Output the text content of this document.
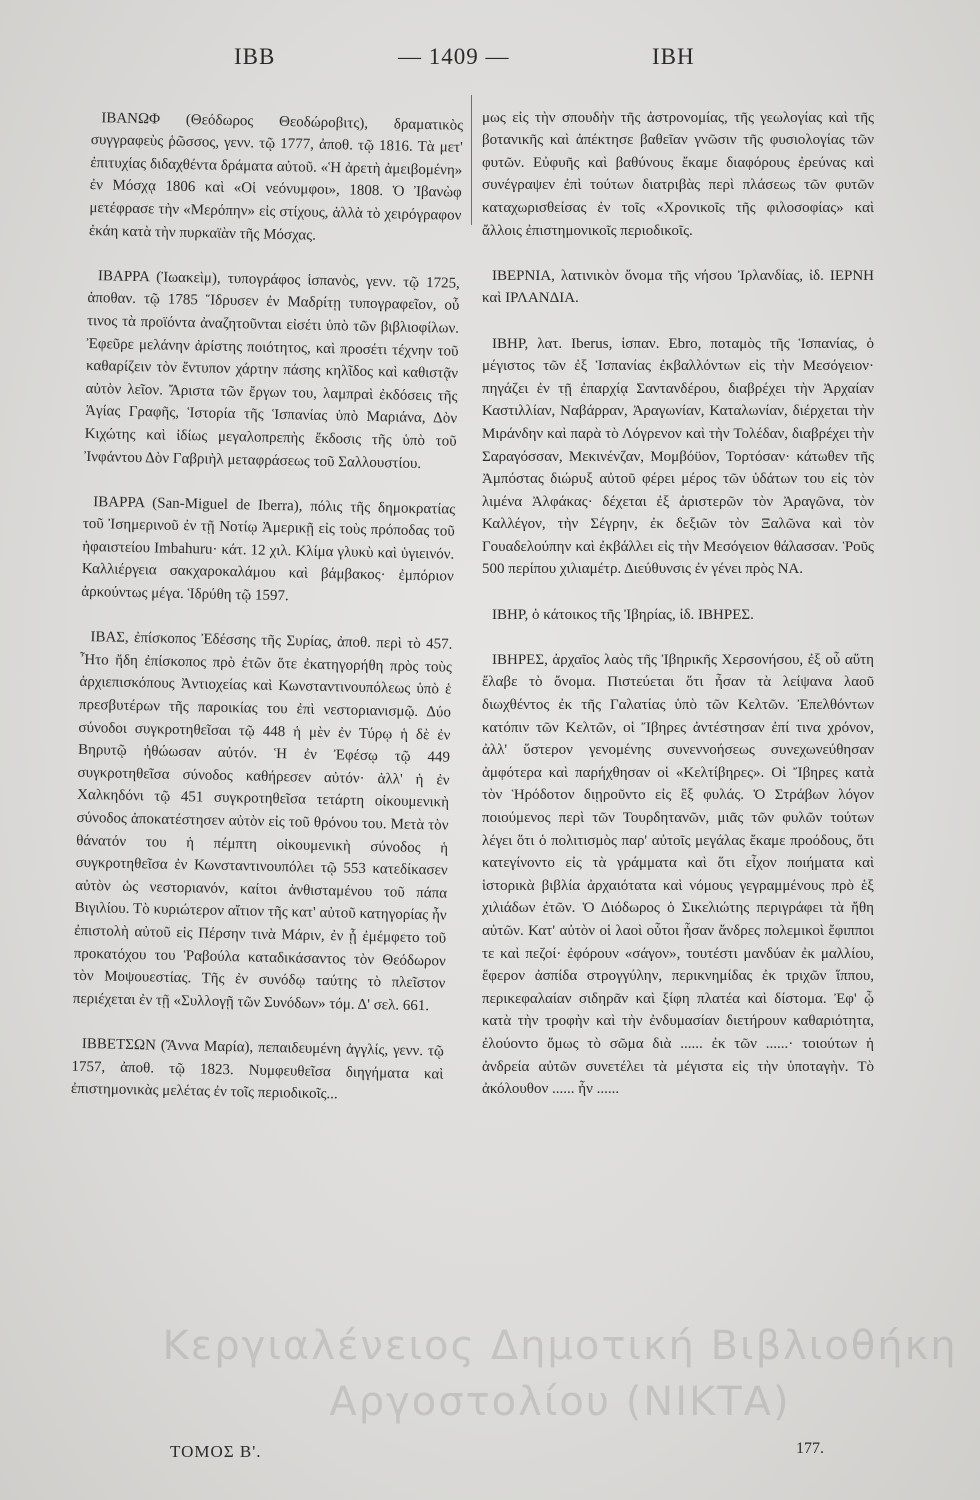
IBB	— 1409 —	IBH

ΙΒΑΝΩΦ (Θεόδωρος Θεοδώροβιτς), δραματικὸς συγγραφεὺς ῥῶσσος, γενν. τῷ 1777, ἀποθ. τῷ 1816. Τὰ μετ' ἐπιτυχίας διδαχθέντα δράματα αὐτοῦ. «Ἡ ἀρετὴ ἀμειβομένη» ἐν Μόσχᾳ 1806 καὶ «Οἱ νεόνυμφοι», 1808. Ὁ Ἰβανὼφ μετέφρασε τὴν «Μερόπην» εἰς στίχους, ἀλλὰ τὸ χειρόγραφον ἐκάη κατὰ τὴν πυρκαϊὰν τῆς Μόσχας.

ΙΒΑΡΡΑ (Ἰωακεὶμ), τυπογράφος ἱσπανὸς, γενν. τῷ 1725, ἀποθαν. τῷ 1785 Ἵδρυσεν ἐν Μαδρίτῃ τυπογραφεῖον, οὗ τινος τὰ προϊόντα ἀναζητοῦνται εἰσέτι ὑπὸ τῶν βιβλιοφίλων. Ἐφεῦρε μελάνην ἀρίστης ποιότητος, καὶ προσέτι τέχνην τοῦ καθαρίζειν τὸν ἔντυπον χάρτην πάσης κηλῖδος καὶ καθιστᾷν αὐτὸν λεῖον. Ἄριστα τῶν ἔργων του, λαμπραὶ ἐκδόσεις τῆς Ἁγίας Γραφῆς, Ἱστορία τῆς Ἱσπανίας ὑπὸ Μαριάνα, Δὸν Κιχώτης καὶ ἰδίως μεγαλοπρεπὴς ἔκδοσις τῆς ὑπὸ τοῦ Ἰνφάντου Δὸν Γαβριὴλ μεταφράσεως τοῦ Σαλλουστίου.

ΙΒΑΡΡΑ (San-Miguel de Iberra), πόλις τῆς δημοκρατίας τοῦ Ἰσημερινοῦ ἐν τῇ Νοτίῳ Ἀμερικῇ εἰς τοὺς πρόποδας τοῦ ἡφαιστείου Imbahuru· κάτ. 12 χιλ. Κλίμα γλυκὺ καὶ ὑγιεινόν. Καλλιέργεια σακχαροκαλάμου καὶ βάμβακος· ἐμπόριον ἀρκούντως μέγα. Ἱδρύθη τῷ 1597.

ΙΒΑΣ, ἐπίσκοπος Ἐδέσσης τῆς Συρίας, ἀποθ. περὶ τὸ 457. Ἦτο ἤδη ἐπίσκοπος πρὸ ἐτῶν ὅτε ἐκατηγορήθη πρὸς τοὺς ἀρχιεπισκόπους Ἀντιοχείας καὶ Κωνσταντινουπόλεως ὑπὸ ἑ πρεσβυτέρων τῆς παροικίας του ἐπὶ νεστοριανισμῷ. Δύο σύνοδοι συγκροτηθεῖσαι τῷ 448 ἡ μὲν ἐν Τύρῳ ἡ δὲ ἐν Βηρυτῷ ἠθώωσαν αὐτόν. Ἡ ἐν Ἐφέσῳ τῷ 449 συγκροτηθεῖσα σύνοδος καθήρεσεν αὐτόν· ἀλλ' ἡ ἐν Χαλκηδόνι τῷ 451 συγκροτηθεῖσα τετάρτη οἰκουμενικὴ σύνοδος ἀποκατέστησεν αὐτὸν εἰς τοῦ θρόνου του. Μετὰ τὸν θάνατόν του ἡ πέμπτη οἰκουμενικὴ σύνοδος ἡ συγκροτηθεῖσα ἐν Κωνσταντινουπόλει τῷ 553 κατεδίκασεν αὐτὸν ὡς νεστοριανόν, καίτοι ἀνθισταμένου τοῦ πάπα Βιγιλίου. Τὸ κυριώτερον αἴτιον τῆς κατ' αὐτοῦ κατηγορίας ἦν ἐπιστολὴ αὐτοῦ εἰς Πέρσην τινὰ Μάριν, ἐν ᾗ ἐμέμφετο τοῦ προκατόχου του Ῥαβούλα καταδικάσαντος τὸν Θεόδωρον τὸν Μοψουεστίας. Τῆς ἐν συνόδῳ ταύτης τὸ πλεῖστον περιέχεται ἐν τῇ «Συλλογῇ τῶν Συνόδων» τόμ. Δ' σελ. 661.

ΙΒΒΕΤΣΩΝ (Ἄννα Μαρία), πεπαιδευμένη ἀγγλίς, γενν. τῷ 1757, ἀποθ. τῷ 1823. Νυμφευθεῖσα διηγήματα καὶ ἐπιστημονικὰς μελέτας ἐν τοῖς περιοδικοῖς...

μως εἰς τὴν σπουδὴν τῆς ἀστρονομίας, τῆς γεωλογίας καὶ τῆς βοτανικῆς καὶ ἀπέκτησε βαθεῖαν γνῶσιν τῆς φυσιολογίας τῶν φυτῶν. Εὐφυῆς καὶ βαθύνους ἔκαμε διαφόρους ἐρεύνας καὶ συνέγραψεν ἐπὶ τούτων διατριβὰς περὶ πλάσεως τῶν φυτῶν καταχωρισθείσας ἐν τοῖς «Χρονικοῖς τῆς φιλοσοφίας» καὶ ἄλλοις ἐπιστημονικοῖς περιοδικοῖς.

ΙΒΕΡΝΙΑ, λατινικὸν ὄνομα τῆς νήσου Ἰρλανδίας, ἰδ. ΙΕΡΝΗ καὶ ΙΡΛΑΝΔΙΑ.

ΙΒΗΡ, λατ. Iberus, ἱσπαν. Ebro, ποταμὸς τῆς Ἱσπανίας, ὁ μέγιστος τῶν ἐξ Ἱσπανίας ἐκβαλλόντων εἰς τὴν Μεσόγειον· πηγάζει ἐν τῇ ἐπαρχίᾳ Σαντανδέρου, διαβρέχει τὴν Ἀρχαίαν Καστιλλίαν, Ναβάρραν, Ἀραγωνίαν, Καταλωνίαν, διέρχεται τὴν Μιράνδην καὶ παρὰ τὸ Λόγρενον καὶ τὴν Τολέδαν, διαβρέχει τὴν Σαραγόσσαν, Μεκινένζαν, Μομβόϋον, Τορτόσαν· κάτωθεν τῆς Ἀμπόστας διώρυξ αὐτοῦ φέρει μέρος τῶν ὑδάτων του εἰς τὸν λιμένα Ἀλφάκας· δέχεται ἐξ ἀριστερῶν τὸν Ἀραγῶνα, τὸν Καλλέγον, τὴν Σέγρην, ἐκ δεξιῶν τὸν Ξαλῶνα καὶ τὸν Γουαδελούπην καὶ ἐκβάλλει εἰς τὴν Μεσόγειον θάλασσαν. Ῥοῦς 500 περίπου χιλιαμέτρ. Διεύθυνσις ἐν γένει πρὸς ΝΑ.

ΙΒΗΡ, ὁ κάτοικος τῆς Ἰβηρίας, ἰδ. ΙΒΗΡΕΣ.

ΙΒΗΡΕΣ, ἀρχαῖος λαὸς τῆς Ἰβηρικῆς Χερσονήσου, ἐξ οὗ αὕτη ἔλαβε τὸ ὄνομα. Πιστεύεται ὅτι ἦσαν τὰ λείψανα λαοῦ διωχθέντος ἐκ τῆς Γαλατίας ὑπὸ τῶν Κελτῶν. Ἐπελθόντων κατόπιν τῶν Κελτῶν, οἱ Ἴβηρες ἀντέστησαν ἐπί τινα χρόνον, ἀλλ' ὕστερον γενομένης συνεννοήσεως συνεχωνεύθησαν ἀμφότερα καὶ παρήχθησαν οἱ «Κελτίβηρες». Οἱ Ἴβηρες κατὰ τὸν Ἡρόδοτον διῃροῦντο εἰς ἓξ φυλάς. Ὁ Στράβων λόγον ποιούμενος περὶ τῶν Τουρδητανῶν, μιᾶς τῶν φυλῶν τούτων λέγει ὅτι ὁ πολιτισμὸς παρ' αὐτοῖς μεγάλας ἔκαμε προόδους, ὅτι κατεγίνοντο εἰς τὰ γράμματα καὶ ὅτι εἶχον ποιήματα καὶ ἱστορικὰ βιβλία ἀρχαιότατα καὶ νόμους γεγραμμένους πρὸ ἑξ χιλιάδων ἐτῶν. Ὁ Διόδωρος ὁ Σικελιώτης περιγράφει τὰ ἤθη αὐτῶν. Κατ' αὐτὸν οἱ λαοὶ οὗτοι ἦσαν ἄνδρες πολεμικοὶ ἔφιπποι τε καὶ πεζοί· ἐφόρουν «σάγον», τουτέστι μανδύαν ἐκ μαλλίου, ἔφερον ἀσπίδα στρογγύλην, περικνημίδας ἐκ τριχῶν ἵππου, περικεφαλαίαν σιδηρᾶν καὶ ξίφη πλατέα καὶ δίστομα. Ἐφ' ᾧ κατὰ τὴν τροφὴν καὶ τὴν ἐνδυμασίαν διετήρουν καθαριότητα, ἐλούοντο ὅμως τὸ σῶμα διὰ ...... ἐκ τῶν ......· τοιούτων ἡ ἀνδρεία αὐτῶν συνετέλει τὰ μέγιστα εἰς τὴν ὑποταγὴν. Τὸ ἀκόλουθον ...... ἦν ......

Κεργιαλένειος Δημοτική Βιβλιοθήκη
Αργοστολίου (ΝΙΚΤΑ)
ΤΟΜΟΣ Β'.	177.
